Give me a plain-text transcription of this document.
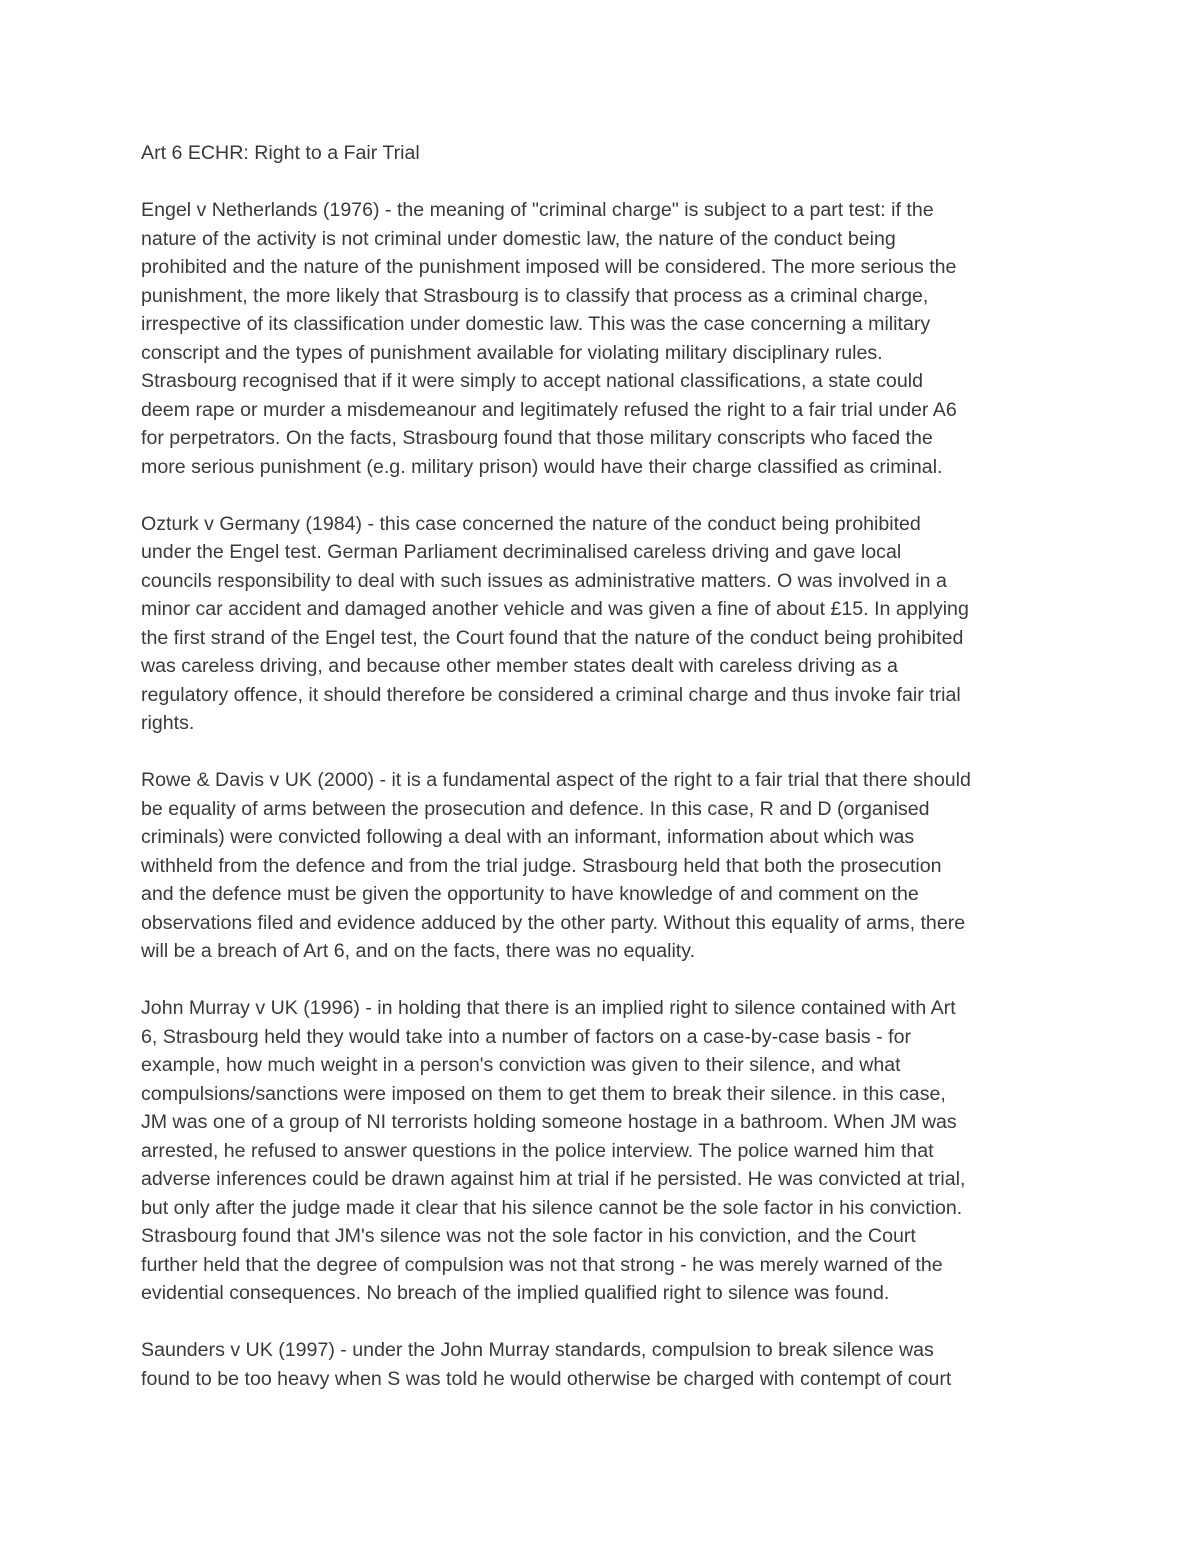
Art 6 ECHR: Right to a Fair Trial
Engel v Netherlands (1976) - the meaning of "criminal charge" is subject to a part test: if the
nature of the activity is not criminal under domestic law, the nature of the conduct being
prohibited and the nature of the punishment imposed will be considered. The more serious the
punishment, the more likely that Strasbourg is to classify that process as a criminal charge,
irrespective of its classification under domestic law. This was the case concerning a military
conscript and the types of punishment available for violating military disciplinary rules.
Strasbourg recognised that if it were simply to accept national classifications, a state could
deem rape or murder a misdemeanour and legitimately refused the right to a fair trial under A6
for perpetrators. On the facts, Strasbourg found that those military conscripts who faced the
more serious punishment (e.g. military prison) would have their charge classified as criminal.
Ozturk v Germany (1984) - this case concerned the nature of the conduct being prohibited
under the Engel test. German Parliament decriminalised careless driving and gave local
councils responsibility to deal with such issues as administrative matters. O was involved in a
minor car accident and damaged another vehicle and was given a fine of about £15. In applying
the first strand of the Engel test, the Court found that the nature of the conduct being prohibited
was careless driving, and because other member states dealt with careless driving as a
regulatory offence, it should therefore be considered a criminal charge and thus invoke fair trial
rights.
Rowe & Davis v UK (2000) - it is a fundamental aspect of the right to a fair trial that there should
be equality of arms between the prosecution and defence. In this case, R and D (organised
criminals) were convicted following a deal with an informant, information about which was
withheld from the defence and from the trial judge. Strasbourg held that both the prosecution
and the defence must be given the opportunity to have knowledge of and comment on the
observations filed and evidence adduced by the other party. Without this equality of arms, there
will be a breach of Art 6, and on the facts, there was no equality.
John Murray v UK (1996) - in holding that there is an implied right to silence contained with Art
6, Strasbourg held they would take into a number of factors on a case-by-case basis - for
example, how much weight in a person's conviction was given to their silence, and what
compulsions/sanctions were imposed on them to get them to break their silence. in this case,
JM was one of a group of NI terrorists holding someone hostage in a bathroom. When JM was
arrested, he refused to answer questions in the police interview. The police warned him that
adverse inferences could be drawn against him at trial if he persisted. He was convicted at trial,
but only after the judge made it clear that his silence cannot be the sole factor in his conviction.
Strasbourg found that JM's silence was not the sole factor in his conviction, and the Court
further held that the degree of compulsion was not that strong - he was merely warned of the
evidential consequences. No breach of the implied qualified right to silence was found.
Saunders v UK (1997) - under the John Murray standards, compulsion to break silence was
found to be too heavy when S was told he would otherwise be charged with contempt of court
